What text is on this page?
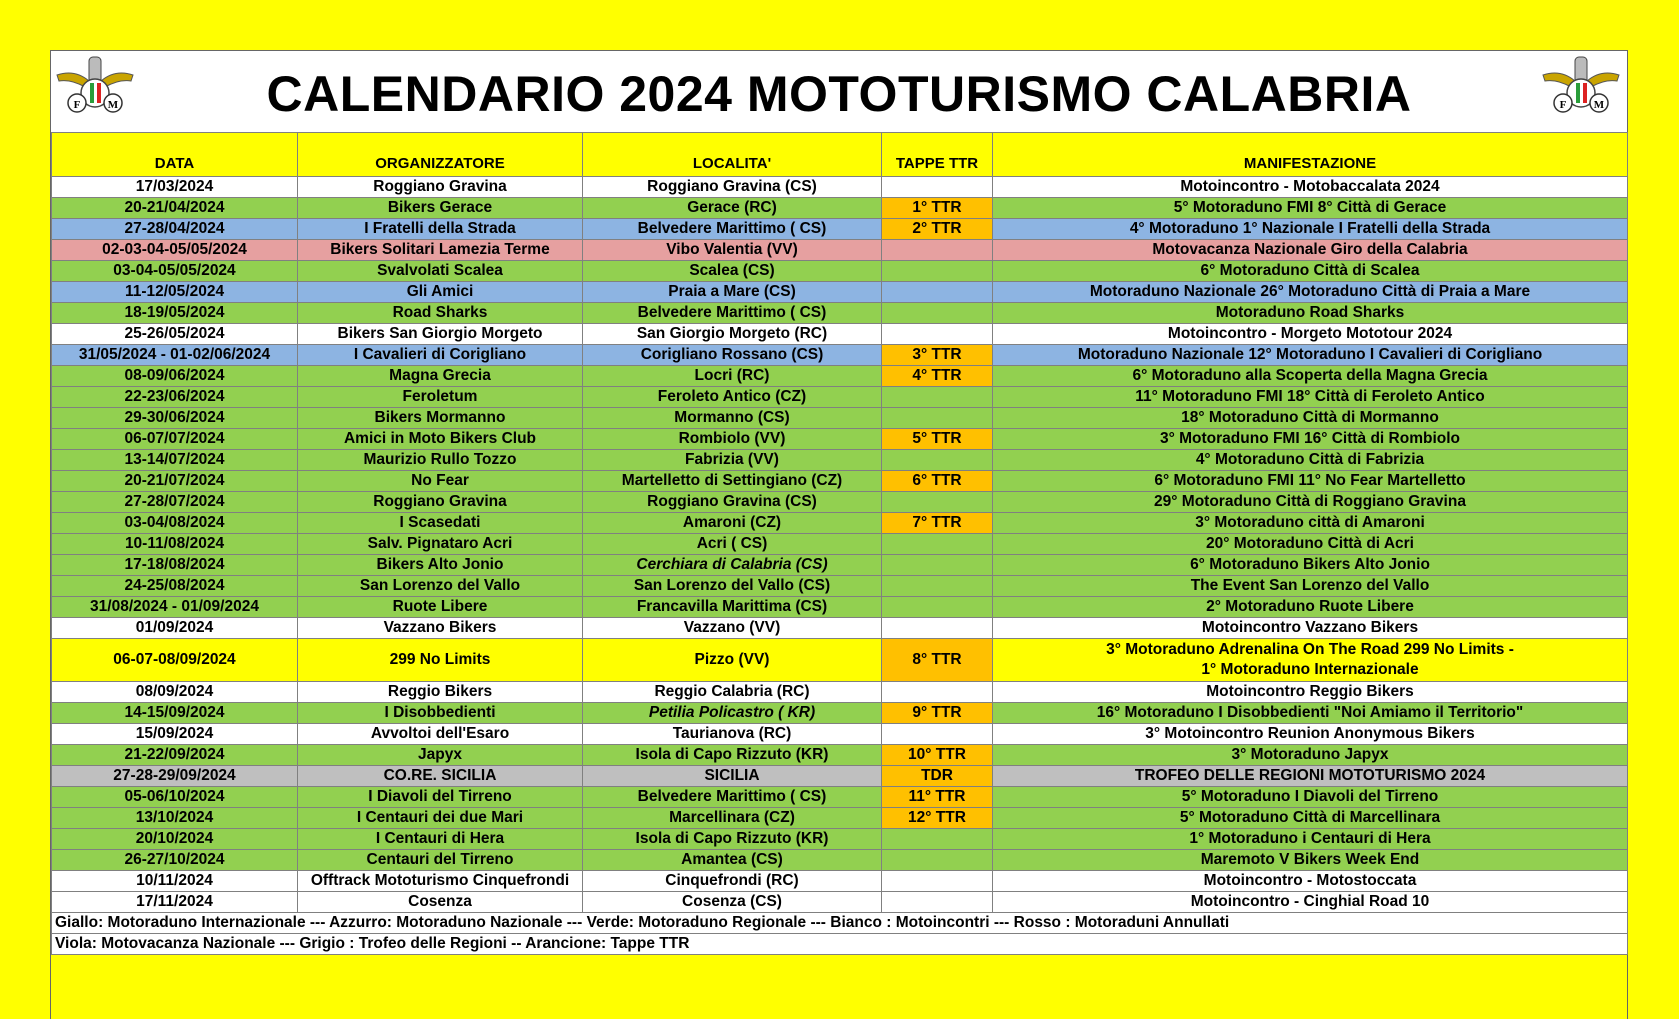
F M	CALENDARIO 2024 MOTOTURISMO CALABRIA	F M
DATA	ORGANIZZATORE	LOCALITA'	TAPPE TTR	MANIFESTAZIONE
17/03/2024	Roggiano Gravina	Roggiano Gravina (CS)		Motoincontro - Motobaccalata 2024
20-21/04/2024	Bikers Gerace	Gerace (RC)	1° TTR	5° Motoraduno FMI 8° Città di Gerace
27-28/04/2024	I Fratelli della Strada	Belvedere Marittimo ( CS)	2° TTR	4° Motoraduno 1° Nazionale I Fratelli della Strada
02-03-04-05/05/2024	Bikers Solitari Lamezia Terme	Vibo Valentia (VV)		Motovacanza Nazionale Giro della Calabria
03-04-05/05/2024	Svalvolati Scalea	Scalea (CS)		6° Motoraduno Città di Scalea
11-12/05/2024	Gli Amici	Praia a Mare (CS)		Motoraduno Nazionale 26° Motoraduno Città di Praia a Mare
18-19/05/2024	Road Sharks	Belvedere Marittimo ( CS)		Motoraduno Road Sharks
25-26/05/2024	Bikers San Giorgio Morgeto	San Giorgio Morgeto (RC)		Motoincontro - Morgeto Mototour 2024
31/05/2024 - 01-02/06/2024	I Cavalieri di Corigliano	Corigliano Rossano (CS)	3° TTR	Motoraduno Nazionale 12° Motoraduno I Cavalieri di Corigliano
08-09/06/2024	Magna Grecia	Locri (RC)	4° TTR	6° Motoraduno alla Scoperta della Magna Grecia
22-23/06/2024	Feroletum	Feroleto Antico (CZ)		11° Motoraduno FMI 18° Città di Feroleto Antico
29-30/06/2024	Bikers Mormanno	Mormanno (CS)		18° Motoraduno Città di Mormanno
06-07/07/2024	Amici in Moto Bikers Club	Rombiolo (VV)	5° TTR	3° Motoraduno FMI 16° Città di Rombiolo
13-14/07/2024	Maurizio Rullo Tozzo	Fabrizia (VV)		4° Motoraduno Città di Fabrizia
20-21/07/2024	No Fear	Martelletto di Settingiano (CZ)	6° TTR	6° Motoraduno FMI 11° No Fear Martelletto
27-28/07/2024	Roggiano Gravina	Roggiano Gravina (CS)		29° Motoraduno Città di Roggiano Gravina
03-04/08/2024	I Scasedati	Amaroni (CZ)	7° TTR	3° Motoraduno città di Amaroni
10-11/08/2024	Salv. Pignataro Acri	Acri ( CS)		20° Motoraduno Città di Acri
17-18/08/2024	Bikers Alto Jonio	Cerchiara di Calabria (CS)		6° Motoraduno Bikers Alto Jonio
24-25/08/2024	San Lorenzo del Vallo	San Lorenzo del Vallo (CS)		The Event San Lorenzo del Vallo
31/08/2024 - 01/09/2024	Ruote Libere	Francavilla Marittima (CS)		2° Motoraduno Ruote Libere
01/09/2024	Vazzano Bikers	Vazzano (VV)		Motoincontro Vazzano Bikers
06-07-08/09/2024	299 No Limits	Pizzo (VV)	8° TTR	3° Motoraduno Adrenalina On The Road 299 No Limits -
1° Motoraduno Internazionale

08/09/2024	Reggio Bikers	Reggio Calabria (RC)		Motoincontro Reggio Bikers
14-15/09/2024	I Disobbedienti	Petilia Policastro ( KR)	9° TTR	16° Motoraduno I Disobbedienti "Noi Amiamo il Territorio"
15/09/2024	Avvoltoi dell'Esaro	Taurianova (RC)		3° Motoincontro Reunion Anonymous Bikers
21-22/09/2024	Japyx	Isola di Capo Rizzuto (KR)	10° TTR	3° Motoraduno Japyx
27-28-29/09/2024	CO.RE. SICILIA	SICILIA	TDR	TROFEO DELLE REGIONI MOTOTURISMO 2024
05-06/10/2024	I Diavoli del Tirreno	Belvedere Marittimo ( CS)	11° TTR	5° Motoraduno I Diavoli del Tirreno
13/10/2024	I Centauri dei due Mari	Marcellinara (CZ)	12° TTR	5° Motoraduno Città di Marcellinara
20/10/2024	I Centauri di Hera	Isola di Capo Rizzuto (KR)		1° Motoraduno i Centauri di Hera
26-27/10/2024	Centauri del Tirreno	Amantea (CS)		Maremoto V Bikers Week End
10/11/2024	Offtrack Mototurismo Cinquefrondi	Cinquefrondi (RC)		Motoincontro - Motostoccata
17/11/2024	Cosenza	Cosenza (CS)		Motoincontro - Cinghial Road 10
Giallo: Motoraduno Internazionale --- Azzurro: Motoraduno Nazionale --- Verde: Motoraduno Regionale --- Bianco : Motoincontri --- Rosso : Motoraduni Annullati				
Viola: Motovacanza Nazionale --- Grigio : Trofeo delle Regioni -- Arancione: Tappe TTR				
